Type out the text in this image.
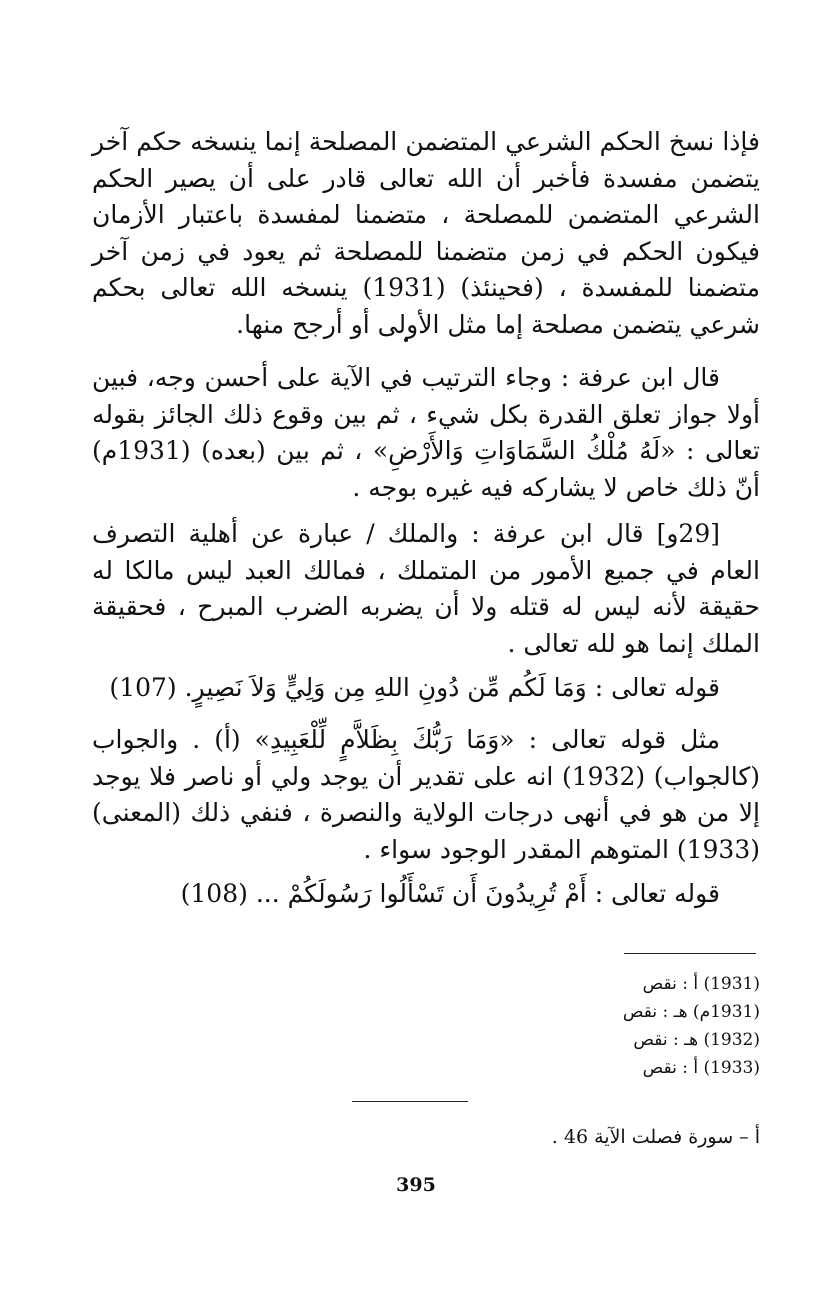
فإذا نسخ الحكم الشرعي المتضمن المصلحة إنما ينسخه حكم آخر يتضمن مفسدة فأخبر أن الله تعالى قادر على أن يصير الحكم الشرعي المتضمن للمصلحة ، متضمنا لمفسدة باعتبار الأزمان فيكون الحكم في زمن متضمنا للمصلحة ثم يعود في زمن آخر متضمنا للمفسدة ، (فحينئذ) (1931) ينسخه الله تعالى بحكم شرعي يتضمن مصلحة إما مثل الأولى أو أرجح منها.

قال ابن عرفة : وجاء الترتيب في الآية على أحسن وجه، فبين أولا جواز تعلق القدرة بكل شيء ، ثم بين وقوع ذلك الجائز بقوله تعالى : «لَهُ مُلْكُ السَّمَاوَاتِ وَالأَرْضِ» ، ثم بين (بعده) (1931م) أنّ ذلك خاص لا يشاركه فيه غيره بوجه .

[29و] قال ابن عرفة : والملك / عبارة عن أهلية التصرف العام في جميع الأمور من المتملك ، فمالك العبد ليس مالكا له حقيقة لأنه ليس له قتله ولا أن يضربه الضرب المبرح ، فحقيقة الملك إنما هو لله تعالى .

قوله تعالى : وَمَا لَكُم مِّن دُونِ اللهِ مِن وَلِيٍّ وَلاَ نَصِيرٍ. (107)

مثل قوله تعالى : «وَمَا رَبُّكَ بِظَلاَّمٍ لِّلْعَبِيدِ» (أ) . والجواب (كالجواب) (1932) انه على تقدير أن يوجد ولي أو ناصر فلا يوجد إلا من هو في أنهى درجات الولاية والنصرة ، فنفي ذلك (المعنى) (1933) المتوهم المقدر الوجود سواء .

قوله تعالى : أَمْ تُرِيدُونَ أَن تَسْأَلُوا رَسُولَكُمْ ... (108)

(1931) أ : نقص
(1931م) هـ : نقص
(1932) هـ : نقص
(1933) أ : نقص
أ – سورة فصلت الآية 46 .
395
